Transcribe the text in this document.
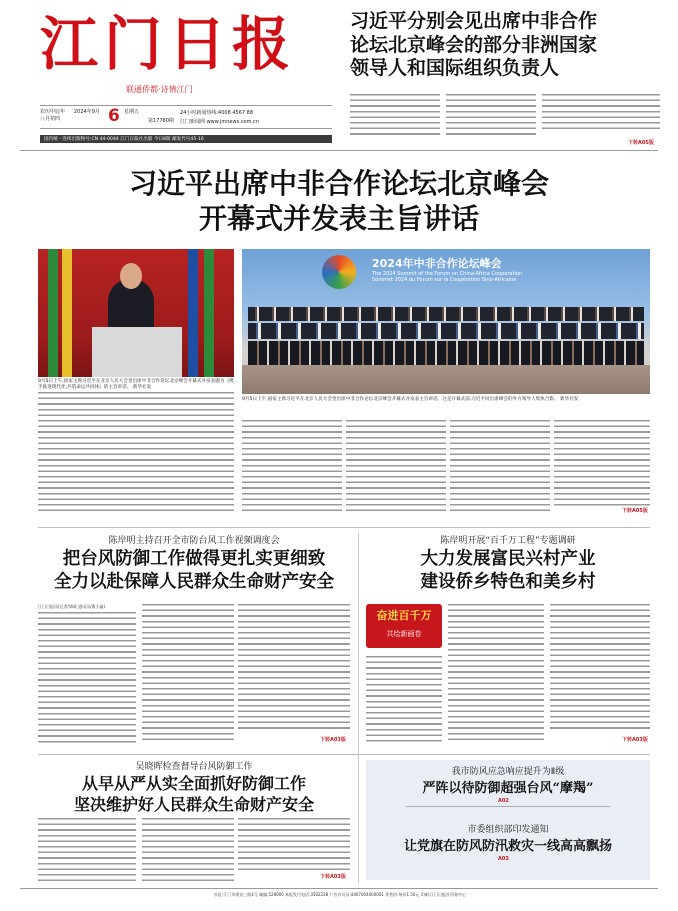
江门日报
联通侨都·诗情江门
农历甲辰年 八月初四
2024年9月 6 星期五
第17760期
24小时新闻热线:4008 4567 88
江门新闻网 www.jmnews.com.cn
习近平分别会见出席中非合作
论坛北京峰会的部分非洲国家
领导人和国际组织负责人
下转A05版
国内统一连续出版物号:CN 44-0044 江门日报社出版 今日8版 邮发代号45-16
习近平出席中非合作论坛北京峰会
开幕式并发表主旨讲话
9月5日上午,国家主席习近平在北京人民大会堂出席中非合作论坛北京峰会开幕式并发表题为《携手推进现代化,共筑命运共同体》的主旨讲话。 新华社发
2024年中非合作论坛峰会
The 2024 Summit of the Forum on China-Africa Cooperation
Sommet 2024 du Forum sur la Coopération Sino-Africaine
9月5日上午,国家主席习近平在北京人民大会堂出席中非合作论坛北京峰会开幕式并发表主旨讲话。这是开幕式前,习近平同出席峰会的外方领导人集体合影。 新华社发
下转A05版
陈岸明主持召开全市防台风工作视频调度会
把台风防御工作做得更扎实更细致
全力以赴保障人民群众生命财产安全
江门日报讯(记者/谭威 通讯员/曹小鑫)
下转A03版
陈岸明开展“百千万工程”专题调研
大力发展富民兴村产业
建设侨乡特色和美乡村
奋进百千万
共绘新画卷
下转A03版
吴晓晖检查督导台风防御工作
从早从严从实全面抓好防御工作
坚决维护好人民群众生命财产安全
下转A03版
我市防风应急响应提升为Ⅱ级
严阵以待防御超强台风“摩羯”
A02
市委组织部印发通知
让党旗在防风防汛救灾一线高高飘扬
A03
社址:江门市建设三路1号 邮编:529000 本报发行电话:3502228 广告许可证:4407004000001 零售价:每份1.50元 印刷:江门日报社印务中心
